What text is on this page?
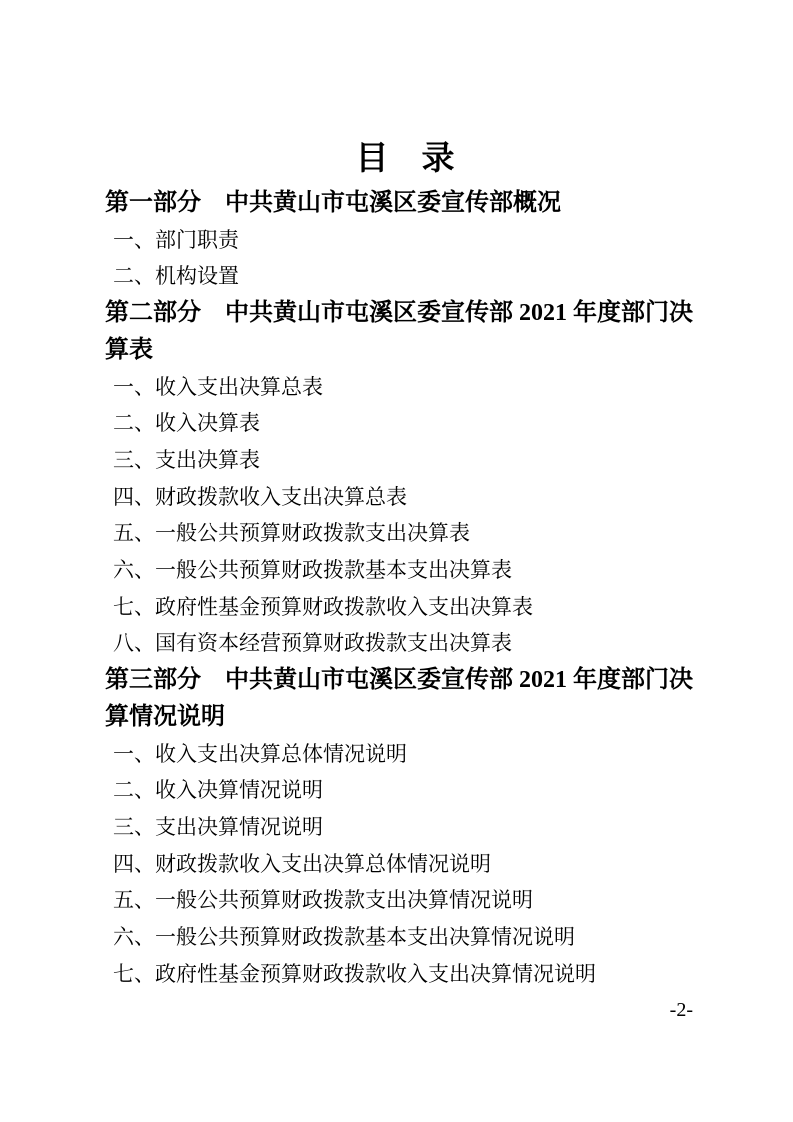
目　录
第一部分　中共黄山市屯溪区委宣传部概况
一、部门职责
二、机构设置
第二部分　中共黄山市屯溪区委宣传部 2021 年度部门决
算表
一、收入支出决算总表
二、收入决算表
三、支出决算表
四、财政拨款收入支出决算总表
五、一般公共预算财政拨款支出决算表
六、一般公共预算财政拨款基本支出决算表
七、政府性基金预算财政拨款收入支出决算表
八、国有资本经营预算财政拨款支出决算表
第三部分　中共黄山市屯溪区委宣传部 2021 年度部门决
算情况说明
一、收入支出决算总体情况说明
二、收入决算情况说明
三、支出决算情况说明
四、财政拨款收入支出决算总体情况说明
五、一般公共预算财政拨款支出决算情况说明
六、一般公共预算财政拨款基本支出决算情况说明
七、政府性基金预算财政拨款收入支出决算情况说明
-2-
